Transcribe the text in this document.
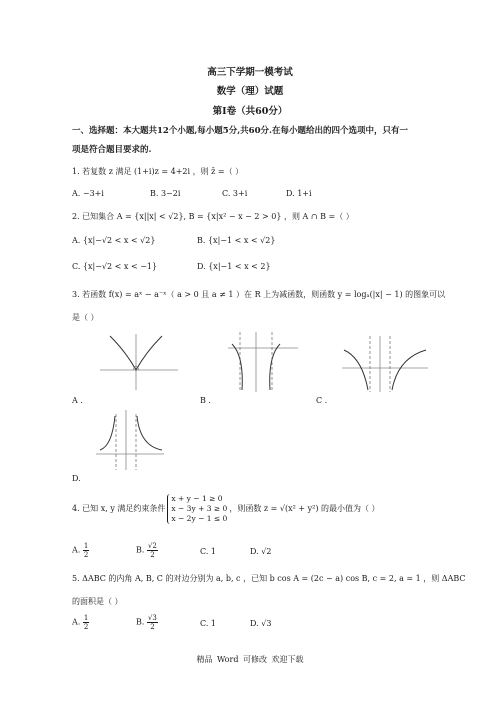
高三下学期一模考试
数学（理）试题
第Ⅰ卷（共60分）
一、选择题：本大题共12个小题,每小题5分,共60分.在每小题给出的四个选项中，只有一
项是符合题目要求的.
1. 若复数 z 满足 (1+i)z = 4+2i ，则 z̄ =（ ）
A. −3+i	B. 3−2i	C. 3+i	D. 1+i
2. 已知集合 A = {x||x| < √2}, B = {x|x² − x − 2 > 0} ，则 A ∩ B =（ ）
A. {x|−√2 < x < √2}	B. {x|−1 < x < √2}
C. {x|−√2 < x < −1}	D. {x|−1 < x < 2}
3. 若函数 f(x) = aˣ − a⁻ˣ（ a > 0 且 a ≠ 1 ）在 R 上为减函数，则函数 y = logₐ(|x| − 1) 的图象可以
是（ ）
A .	B .	C .
D.
4. 已知 x, y 满足约束条件
x + y − 1 ≥ 0
x − 3y + 3 ≥ 0
x − 2y − 1 ≤ 0
，则函数 z = √(x² + y²) 的最小值为（ ）
A. $\frac{1}{2}$	B. $\frac{√2}{2}$	C. 1	D. √2
5. ΔABC 的内角 A, B, C 的对边分别为 a, b, c ，已知 b cos A = (2c − a) cos B, c = 2, a = 1 ，则 ΔABC
的面积是（ ）
A. $\frac{1}{2}$	B. $\frac{√3}{2}$	C. 1	D. √3
精品 Word 可修改 欢迎下载
